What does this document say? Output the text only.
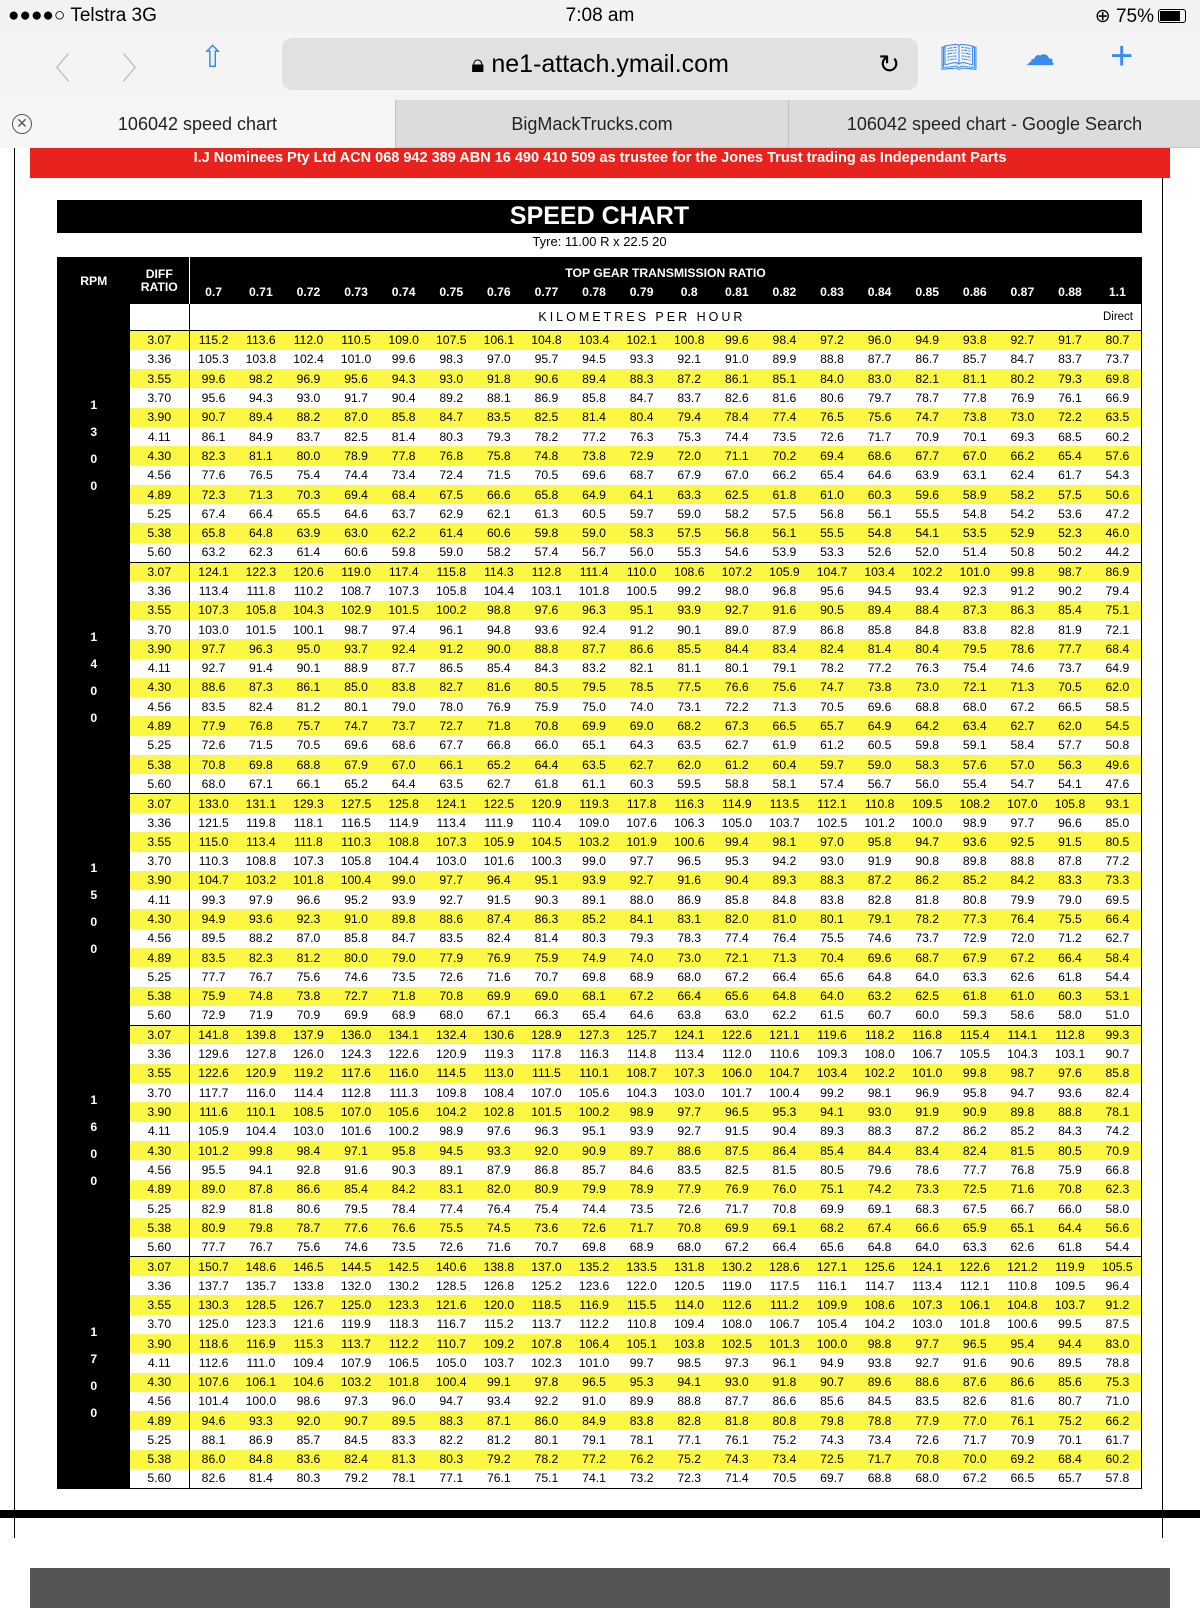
●●●●○ Telstra 3G	7:08 am	⊕ 75%
〈 〉 ⇧	🔒︎ ne1-attach.ymail.com	↻ 📖︎ ☁ +
✕	106042 speed chart	BigMackTrucks.com	106042 speed chart - Google Search
I.J Nominees Pty Ltd ACN 068 942 389 ABN 16 490 410 509 as trustee for the Jones Trust trading as Independant Parts
SPEED CHART
Tyre: 11.00 R x 22.5 20
RPM	DIFF
RATIO	TOP GEAR TRANSMISSION RATIO																			
		0.7	0.71	0.72	0.73	0.74	0.75	0.76	0.77	0.78	0.79	0.8	0.81	0.82	0.83	0.84	0.85	0.86	0.87	0.88	1.1
		KILOMETRES PER HOUR																			Direct
1
3
0
0	3.07	115.2	113.6	112.0	110.5	109.0	107.5	106.1	104.8	103.4	102.1	100.8	99.6	98.4	97.2	96.0	94.9	93.8	92.7	91.7	80.7
	3.36	105.3	103.8	102.4	101.0	99.6	98.3	97.0	95.7	94.5	93.3	92.1	91.0	89.9	88.8	87.7	86.7	85.7	84.7	83.7	73.7
	3.55	99.6	98.2	96.9	95.6	94.3	93.0	91.8	90.6	89.4	88.3	87.2	86.1	85.1	84.0	83.0	82.1	81.1	80.2	79.3	69.8
	3.70	95.6	94.3	93.0	91.7	90.4	89.2	88.1	86.9	85.8	84.7	83.7	82.6	81.6	80.6	79.7	78.7	77.8	76.9	76.1	66.9
	3.90	90.7	89.4	88.2	87.0	85.8	84.7	83.5	82.5	81.4	80.4	79.4	78.4	77.4	76.5	75.6	74.7	73.8	73.0	72.2	63.5
	4.11	86.1	84.9	83.7	82.5	81.4	80.3	79.3	78.2	77.2	76.3	75.3	74.4	73.5	72.6	71.7	70.9	70.1	69.3	68.5	60.2
	4.30	82.3	81.1	80.0	78.9	77.8	76.8	75.8	74.8	73.8	72.9	72.0	71.1	70.2	69.4	68.6	67.7	67.0	66.2	65.4	57.6
	4.56	77.6	76.5	75.4	74.4	73.4	72.4	71.5	70.5	69.6	68.7	67.9	67.0	66.2	65.4	64.6	63.9	63.1	62.4	61.7	54.3
	4.89	72.3	71.3	70.3	69.4	68.4	67.5	66.6	65.8	64.9	64.1	63.3	62.5	61.8	61.0	60.3	59.6	58.9	58.2	57.5	50.6
	5.25	67.4	66.4	65.5	64.6	63.7	62.9	62.1	61.3	60.5	59.7	59.0	58.2	57.5	56.8	56.1	55.5	54.8	54.2	53.6	47.2
	5.38	65.8	64.8	63.9	63.0	62.2	61.4	60.6	59.8	59.0	58.3	57.5	56.8	56.1	55.5	54.8	54.1	53.5	52.9	52.3	46.0
	5.60	63.2	62.3	61.4	60.6	59.8	59.0	58.2	57.4	56.7	56.0	55.3	54.6	53.9	53.3	52.6	52.0	51.4	50.8	50.2	44.2
1
4
0
0	3.07	124.1	122.3	120.6	119.0	117.4	115.8	114.3	112.8	111.4	110.0	108.6	107.2	105.9	104.7	103.4	102.2	101.0	99.8	98.7	86.9
	3.36	113.4	111.8	110.2	108.7	107.3	105.8	104.4	103.1	101.8	100.5	99.2	98.0	96.8	95.6	94.5	93.4	92.3	91.2	90.2	79.4
	3.55	107.3	105.8	104.3	102.9	101.5	100.2	98.8	97.6	96.3	95.1	93.9	92.7	91.6	90.5	89.4	88.4	87.3	86.3	85.4	75.1
	3.70	103.0	101.5	100.1	98.7	97.4	96.1	94.8	93.6	92.4	91.2	90.1	89.0	87.9	86.8	85.8	84.8	83.8	82.8	81.9	72.1
	3.90	97.7	96.3	95.0	93.7	92.4	91.2	90.0	88.8	87.7	86.6	85.5	84.4	83.4	82.4	81.4	80.4	79.5	78.6	77.7	68.4
	4.11	92.7	91.4	90.1	88.9	87.7	86.5	85.4	84.3	83.2	82.1	81.1	80.1	79.1	78.2	77.2	76.3	75.4	74.6	73.7	64.9
	4.30	88.6	87.3	86.1	85.0	83.8	82.7	81.6	80.5	79.5	78.5	77.5	76.6	75.6	74.7	73.8	73.0	72.1	71.3	70.5	62.0
	4.56	83.5	82.4	81.2	80.1	79.0	78.0	76.9	75.9	75.0	74.0	73.1	72.2	71.3	70.5	69.6	68.8	68.0	67.2	66.5	58.5
	4.89	77.9	76.8	75.7	74.7	73.7	72.7	71.8	70.8	69.9	69.0	68.2	67.3	66.5	65.7	64.9	64.2	63.4	62.7	62.0	54.5
	5.25	72.6	71.5	70.5	69.6	68.6	67.7	66.8	66.0	65.1	64.3	63.5	62.7	61.9	61.2	60.5	59.8	59.1	58.4	57.7	50.8
	5.38	70.8	69.8	68.8	67.9	67.0	66.1	65.2	64.4	63.5	62.7	62.0	61.2	60.4	59.7	59.0	58.3	57.6	57.0	56.3	49.6
	5.60	68.0	67.1	66.1	65.2	64.4	63.5	62.7	61.8	61.1	60.3	59.5	58.8	58.1	57.4	56.7	56.0	55.4	54.7	54.1	47.6
1
5
0
0	3.07	133.0	131.1	129.3	127.5	125.8	124.1	122.5	120.9	119.3	117.8	116.3	114.9	113.5	112.1	110.8	109.5	108.2	107.0	105.8	93.1
	3.36	121.5	119.8	118.1	116.5	114.9	113.4	111.9	110.4	109.0	107.6	106.3	105.0	103.7	102.5	101.2	100.0	98.9	97.7	96.6	85.0
	3.55	115.0	113.4	111.8	110.3	108.8	107.3	105.9	104.5	103.2	101.9	100.6	99.4	98.1	97.0	95.8	94.7	93.6	92.5	91.5	80.5
	3.70	110.3	108.8	107.3	105.8	104.4	103.0	101.6	100.3	99.0	97.7	96.5	95.3	94.2	93.0	91.9	90.8	89.8	88.8	87.8	77.2
	3.90	104.7	103.2	101.8	100.4	99.0	97.7	96.4	95.1	93.9	92.7	91.6	90.4	89.3	88.3	87.2	86.2	85.2	84.2	83.3	73.3
	4.11	99.3	97.9	96.6	95.2	93.9	92.7	91.5	90.3	89.1	88.0	86.9	85.8	84.8	83.8	82.8	81.8	80.8	79.9	79.0	69.5
	4.30	94.9	93.6	92.3	91.0	89.8	88.6	87.4	86.3	85.2	84.1	83.1	82.0	81.0	80.1	79.1	78.2	77.3	76.4	75.5	66.4
	4.56	89.5	88.2	87.0	85.8	84.7	83.5	82.4	81.4	80.3	79.3	78.3	77.4	76.4	75.5	74.6	73.7	72.9	72.0	71.2	62.7
	4.89	83.5	82.3	81.2	80.0	79.0	77.9	76.9	75.9	74.9	74.0	73.0	72.1	71.3	70.4	69.6	68.7	67.9	67.2	66.4	58.4
	5.25	77.7	76.7	75.6	74.6	73.5	72.6	71.6	70.7	69.8	68.9	68.0	67.2	66.4	65.6	64.8	64.0	63.3	62.6	61.8	54.4
	5.38	75.9	74.8	73.8	72.7	71.8	70.8	69.9	69.0	68.1	67.2	66.4	65.6	64.8	64.0	63.2	62.5	61.8	61.0	60.3	53.1
	5.60	72.9	71.9	70.9	69.9	68.9	68.0	67.1	66.3	65.4	64.6	63.8	63.0	62.2	61.5	60.7	60.0	59.3	58.6	58.0	51.0
1
6
0
0	3.07	141.8	139.8	137.9	136.0	134.1	132.4	130.6	128.9	127.3	125.7	124.1	122.6	121.1	119.6	118.2	116.8	115.4	114.1	112.8	99.3
	3.36	129.6	127.8	126.0	124.3	122.6	120.9	119.3	117.8	116.3	114.8	113.4	112.0	110.6	109.3	108.0	106.7	105.5	104.3	103.1	90.7
	3.55	122.6	120.9	119.2	117.6	116.0	114.5	113.0	111.5	110.1	108.7	107.3	106.0	104.7	103.4	102.2	101.0	99.8	98.7	97.6	85.8
	3.70	117.7	116.0	114.4	112.8	111.3	109.8	108.4	107.0	105.6	104.3	103.0	101.7	100.4	99.2	98.1	96.9	95.8	94.7	93.6	82.4
	3.90	111.6	110.1	108.5	107.0	105.6	104.2	102.8	101.5	100.2	98.9	97.7	96.5	95.3	94.1	93.0	91.9	90.9	89.8	88.8	78.1
	4.11	105.9	104.4	103.0	101.6	100.2	98.9	97.6	96.3	95.1	93.9	92.7	91.5	90.4	89.3	88.3	87.2	86.2	85.2	84.3	74.2
	4.30	101.2	99.8	98.4	97.1	95.8	94.5	93.3	92.0	90.9	89.7	88.6	87.5	86.4	85.4	84.4	83.4	82.4	81.5	80.5	70.9
	4.56	95.5	94.1	92.8	91.6	90.3	89.1	87.9	86.8	85.7	84.6	83.5	82.5	81.5	80.5	79.6	78.6	77.7	76.8	75.9	66.8
	4.89	89.0	87.8	86.6	85.4	84.2	83.1	82.0	80.9	79.9	78.9	77.9	76.9	76.0	75.1	74.2	73.3	72.5	71.6	70.8	62.3
	5.25	82.9	81.8	80.6	79.5	78.4	77.4	76.4	75.4	74.4	73.5	72.6	71.7	70.8	69.9	69.1	68.3	67.5	66.7	66.0	58.0
	5.38	80.9	79.8	78.7	77.6	76.6	75.5	74.5	73.6	72.6	71.7	70.8	69.9	69.1	68.2	67.4	66.6	65.9	65.1	64.4	56.6
	5.60	77.7	76.7	75.6	74.6	73.5	72.6	71.6	70.7	69.8	68.9	68.0	67.2	66.4	65.6	64.8	64.0	63.3	62.6	61.8	54.4
1
7
0
0	3.07	150.7	148.6	146.5	144.5	142.5	140.6	138.8	137.0	135.2	133.5	131.8	130.2	128.6	127.1	125.6	124.1	122.6	121.2	119.9	105.5
	3.36	137.7	135.7	133.8	132.0	130.2	128.5	126.8	125.2	123.6	122.0	120.5	119.0	117.5	116.1	114.7	113.4	112.1	110.8	109.5	96.4
	3.55	130.3	128.5	126.7	125.0	123.3	121.6	120.0	118.5	116.9	115.5	114.0	112.6	111.2	109.9	108.6	107.3	106.1	104.8	103.7	91.2
	3.70	125.0	123.3	121.6	119.9	118.3	116.7	115.2	113.7	112.2	110.8	109.4	108.0	106.7	105.4	104.2	103.0	101.8	100.6	99.5	87.5
	3.90	118.6	116.9	115.3	113.7	112.2	110.7	109.2	107.8	106.4	105.1	103.8	102.5	101.3	100.0	98.8	97.7	96.5	95.4	94.4	83.0
	4.11	112.6	111.0	109.4	107.9	106.5	105.0	103.7	102.3	101.0	99.7	98.5	97.3	96.1	94.9	93.8	92.7	91.6	90.6	89.5	78.8
	4.30	107.6	106.1	104.6	103.2	101.8	100.4	99.1	97.8	96.5	95.3	94.1	93.0	91.8	90.7	89.6	88.6	87.6	86.6	85.6	75.3
	4.56	101.4	100.0	98.6	97.3	96.0	94.7	93.4	92.2	91.0	89.9	88.8	87.7	86.6	85.6	84.5	83.5	82.6	81.6	80.7	71.0
	4.89	94.6	93.3	92.0	90.7	89.5	88.3	87.1	86.0	84.9	83.8	82.8	81.8	80.8	79.8	78.8	77.9	77.0	76.1	75.2	66.2
	5.25	88.1	86.9	85.7	84.5	83.3	82.2	81.2	80.1	79.1	78.1	77.1	76.1	75.2	74.3	73.4	72.6	71.7	70.9	70.1	61.7
	5.38	86.0	84.8	83.6	82.4	81.3	80.3	79.2	78.2	77.2	76.2	75.2	74.3	73.4	72.5	71.7	70.8	70.0	69.2	68.4	60.2
	5.60	82.6	81.4	80.3	79.2	78.1	77.1	76.1	75.1	74.1	73.2	72.3	71.4	70.5	69.7	68.8	68.0	67.2	66.5	65.7	57.8
